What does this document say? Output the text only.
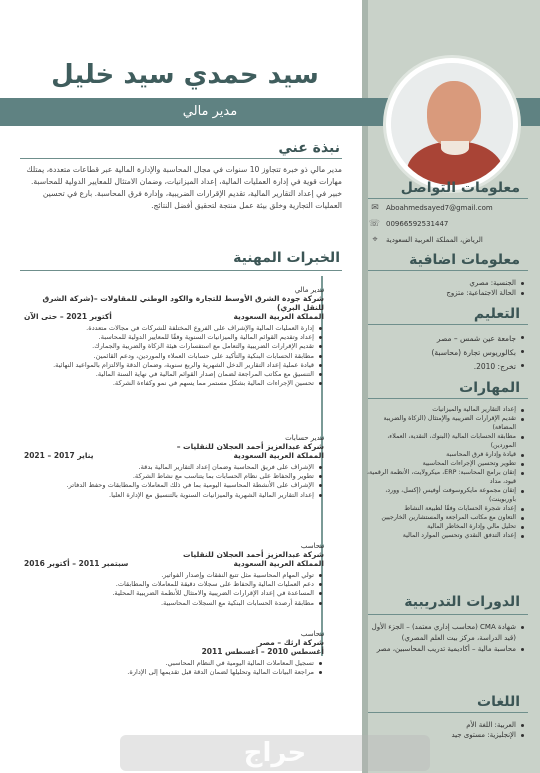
سيد حمدي سيد خليل
مدير مالي
نبذة عني
مدير مالي ذو خبرة تتجاوز 10 سنوات في مجال المحاسبة والإدارة المالية عبر قطاعات متعددة، يمتلك مهارات قوية في إدارة العمليات المالية، إعداد الميزانيات، وضمان الامتثال للمعايير الدولية للمحاسبة. خبير في إعداد التقارير المالية، تقديم الإقرارات الضريبية، وإدارة فرق المحاسبة. بارع في تحسين العمليات التجارية وخلق بيئة عمل منتجة لتحقيق أفضل النتائج.
الخبرات المهنية
مدير مالي
شركة جودة الشرق الأوسط للتجارة والكود الوطني للمقاولات –(شركة الشرق للنقل البري)
المملكة العربية السعودية
أكتوبر 2021 – حتى الآن
إدارة العمليات المالية والإشراف على الفروع المختلفة للشركات في مجالات متعددة.
إعداد وتقديم القوائم المالية والميزانيات السنوية وفقًا للمعايير الدولية للمحاسبة.
تقديم الإقرارات الضريبية والتعامل مع استفسارات هيئة الزكاة والضريبة والجمارك.
مطابقة الحسابات البنكية والتأكيد على حسابات العملاء والموردين، ودعم القائمين.
قيادة عملية إعداد التقارير الدخل الشهرية والربع سنوية، وضمان الدقة والالتزام بالمواعيد النهائية.
التنسيق مع مكاتب المراجعة لضمان إصدار القوائم المالية في نهاية السنة المالية.
تحسين الإجراءات المالية بشكل مستمر مما يسهم في نمو وكفاءة الشركة.
مدير حسابات
شركة عبدالعزيز أحمد العجلان للنقليات –
المملكة العربية السعودية
يناير 2017 – 2021
الإشراف على فريق المحاسبة وضمان إعداد التقارير المالية بدقة.
تطوير والحفاظ على نظام الحسابات بما يتناسب مع نشاط الشركة.
الإشراف على الأنشطة المحاسبية اليومية بما في ذلك المعاملات والمطابقات وحفظ الدفاتر.
إعداد التقارير المالية الشهرية والميزانيات السنوية بالتنسيق مع الإدارة العليا.
محاسب
شركة عبدالعزيز أحمد العجلان للنقليات
المملكة العربية السعودية
سبتمبر 2011 – أكتوبر 2016
تولي المهام المحاسبية مثل تتبع النفقات وإصدار الفواتير.
دعم العمليات المالية والحفاظ على سجلات دقيقة للمعاملات والمطابقات.
المساعدة في إعداد الإقرارات الضريبية والامتثال للأنظمة الضريبية المحلية.
مطابقة أرصدة الحسابات البنكية مع السجلات المحاسبية.
محاسب
شركة ارثك – مصر
أغسطس 2010 – أغسطس 2011
تسجيل المعاملات المالية اليومية في النظام المحاسبي.
مراجعة البيانات المالية وتحليلها لضمان الدقة قبل تقديمها إلى الإدارة.
معلومات التواصل
Aboahmedsayed7@gmail.com
✉
00966592531447
☏
الرياض، المملكة العربية السعودية
⌖
معلومات اضافية
الجنسية: مصري
الحالة الاجتماعية: متزوج
التعليم
جامعة عين شمس – مصر
بكالوريوس تجارة (محاسبة)
تخرج: 2010.
المهارات
إعداد التقارير المالية والميزانيات
تقديم الإقرارات الضريبية والإمتثال (الزكاة والضريبة المضافة)
مطابقة الحسابات المالية (البنوك، النقدية، العملاء، الموردين)
قيادة وإدارة فرق المحاسبة
تطوير وتحسين الإجراءات المحاسبية
إتقان برامج المحاسبة: ERP، ميكرولايت، الأنظمة الرقمية، قيود، مداد
إتقان مجموعة مايكروسوفت أوفيس (إكسل، وورد، باوربوينت)
إعداد شجرة الحسابات وفقًا لطبيعة النشاط
التعاون مع مكاتب المراجعة والمستشارين الخارجيين
تحليل مالي وإدارة المخاطر المالية
إعداد التدفق النقدي وتحسين الموارد المالية
الدورات التدريبية
شهادة CMA (محاسب إداري معتمد) – الجزء الأول (قيد الدراسة، مركز بيت العلم المصري)
محاسبة مالية – أكاديمية تدريب المحاسبين، مصر
اللغات
العربية: اللغة الأم
الإنجليزية: مستوى جيد
حراج
